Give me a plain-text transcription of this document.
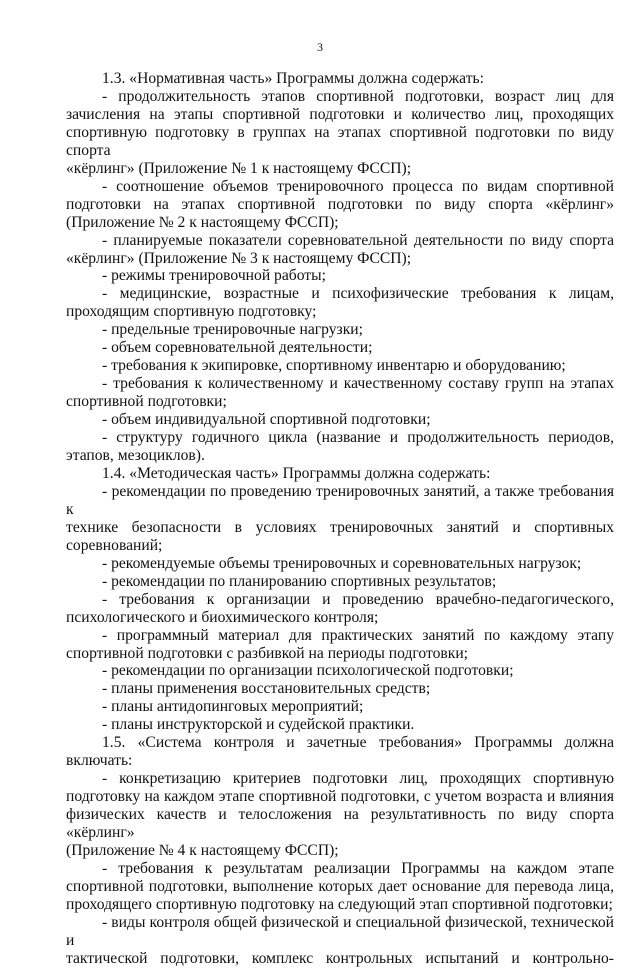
3
1.3. «Нормативная часть» Программы должна содержать:
- продолжительность этапов спортивной подготовки, возраст лиц для
зачисления на этапы спортивной подготовки и количество лиц, проходящих
спортивную подготовку в группах на этапах спортивной подготовки по виду спорта
«кёрлинг» (Приложение № 1 к настоящему ФССП);
- соотношение объемов тренировочного процесса по видам спортивной
подготовки на этапах спортивной подготовки по виду спорта «кёрлинг»
(Приложение № 2 к настоящему ФССП);
- планируемые показатели соревновательной деятельности по виду спорта
«кёрлинг» (Приложение № 3 к настоящему ФССП);
- режимы тренировочной работы;
- медицинские, возрастные и психофизические требования к лицам,
проходящим спортивную подготовку;
- предельные тренировочные нагрузки;
- объем соревновательной деятельности;
- требования к экипировке, спортивному инвентарю и оборудованию;
- требования к количественному и качественному составу групп на этапах
спортивной подготовки;
- объем индивидуальной спортивной подготовки;
- структуру годичного цикла (название и продолжительность периодов,
этапов, мезоциклов).
1.4. «Методическая часть» Программы должна содержать:
- рекомендации по проведению тренировочных занятий, а также требования к
технике безопасности в условиях тренировочных занятий и спортивных
соревнований;
- рекомендуемые объемы тренировочных и соревновательных нагрузок;
- рекомендации по планированию спортивных результатов;
- требования к организации и проведению врачебно-педагогического,
психологического и биохимического контроля;
- программный материал для практических занятий по каждому этапу
спортивной подготовки с разбивкой на периоды подготовки;
- рекомендации по организации психологической подготовки;
- планы применения восстановительных средств;
- планы антидопинговых мероприятий;
- планы инструкторской и судейской практики.
1.5. «Система контроля и зачетные требования» Программы должна включать:
- конкретизацию критериев подготовки лиц, проходящих спортивную
подготовку на каждом этапе спортивной подготовки, с учетом возраста и влияния
физических качеств и телосложения на результативность по виду спорта «кёрлинг»
(Приложение № 4 к настоящему ФССП);
- требования к результатам реализации Программы на каждом этапе
спортивной подготовки, выполнение которых дает основание для перевода лица,
проходящего спортивную подготовку на следующий этап спортивной подготовки;
- виды контроля общей физической и специальной физической, технической и
тактической подготовки, комплекс контрольных испытаний и контрольно-
